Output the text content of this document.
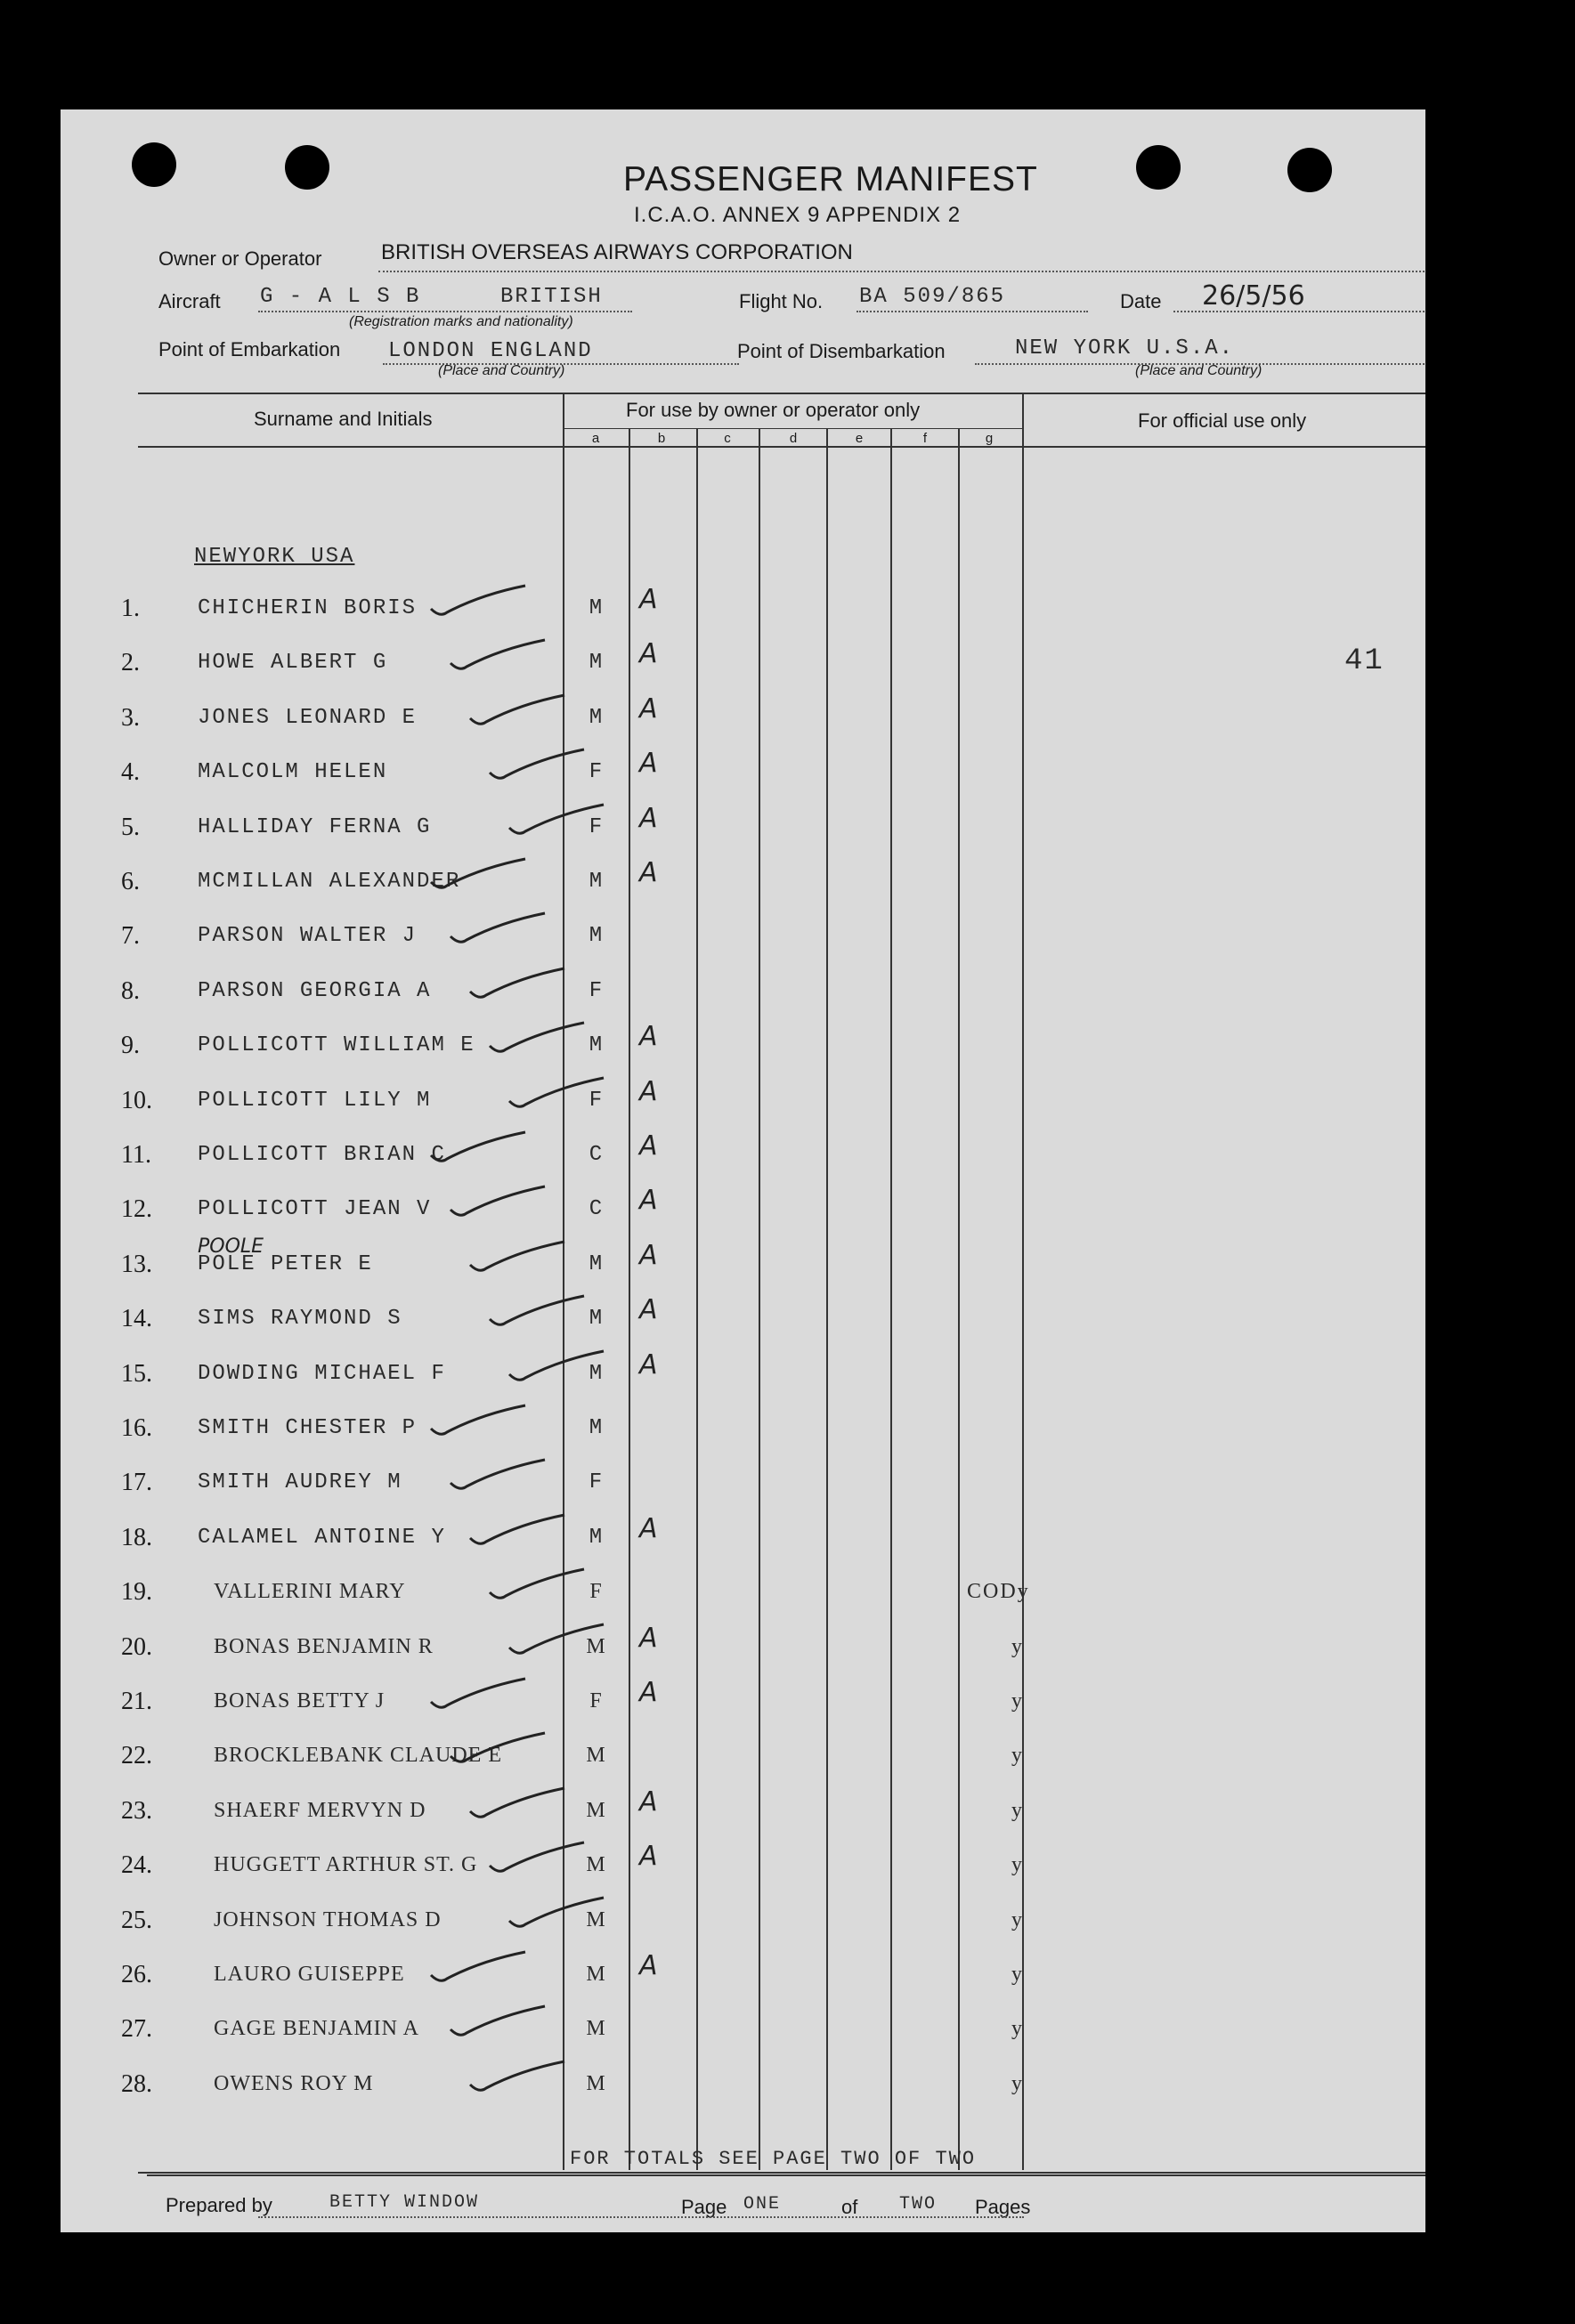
PASSENGER MANIFEST
I.C.A.O. ANNEX 9 APPENDIX 2
Owner or Operator	BRITISH OVERSEAS AIRWAYS CORPORATION
Aircraft G - A L S B	BRITISH
(Registration marks and nationality)
Flight No. BA 509/865	Date 26/5/56
Point of Embarkation LONDON ENGLAND
(Place and Country)
Point of Disembarkation	NEW YORK U.S.A.
(Place and Country)
Surname and Initials	For use by owner or operator only	For official use only
a	b	c	d	e	f	g
NEWYORK USA
41
1.	CHICHERIN BORIS	M A
2.	HOWE ALBERT G	M A
3.	JONES LEONARD E	M A
4.	MALCOLM HELEN	F A
5.	HALLIDAY FERNA G	F A
6.	MCMILLAN ALEXANDER	M A
7.	PARSON WALTER J	M
8.	PARSON GEORGIA A	F
9.	POLLICOTT WILLIAM E	M A
10. POLLICOTT LILY M	F A
11. POLLICOTT BRIAN C	C A
12. POLLICOTT JEAN V	C A
13. POLE PETER E	M A
14. SIMS RAYMOND S	M A
15. DOWDING MICHAEL F	M A
16. SMITH CHESTER P	M
17. SMITH AUDREY M	F
18. CALAMEL ANTOINE Y	M A
19.	VALLERINI MARY	F	CODy
20.	BONAS BENJAMIN R	M A	y
21.	BONAS BETTY J	F A	y
22.	BROCKLEBANK CLAUDE E	M	y
23.	SHAERF MERVYN D	M A	y
24.	HUGGETT ARTHUR ST. G	M A	y
25.	JOHNSON THOMAS D	M	y
26.	LAURO GUISEPPE	M A	y
27.	GAGE BENJAMIN A	M	y
28.	OWENS ROY M	M	y
POOLE
FOR TOTALS SEE PAGE TWO OF TWO
Prepared by	BETTY WINDOW	Page ONE	of TWO Pages
